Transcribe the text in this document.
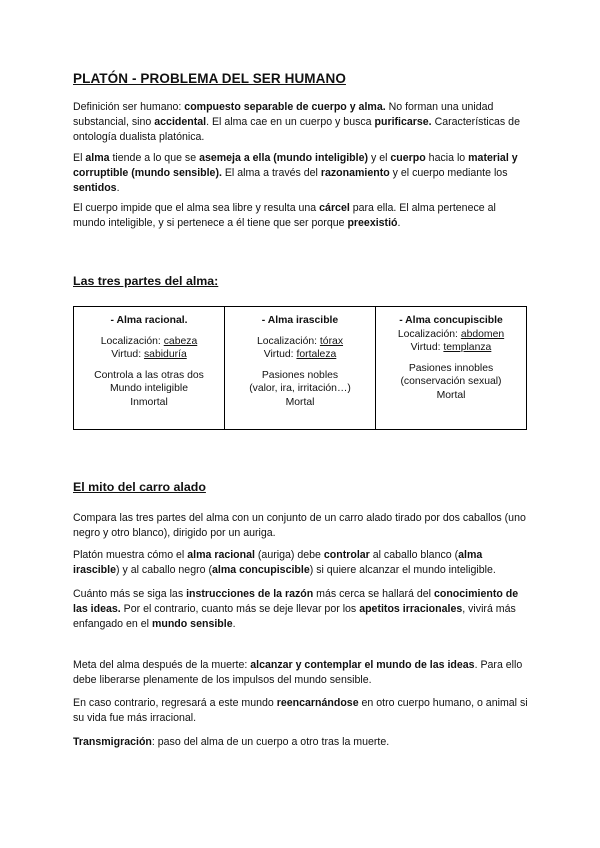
PLATÓN - PROBLEMA DEL SER HUMANO

Definición ser humano: compuesto separable de cuerpo y alma. No forman una unidad substancial, sino accidental. El alma cae en un cuerpo y busca purificarse. Características de ontología dualista platónica.

El alma tiende a lo que se asemeja a ella (mundo inteligible) y el cuerpo hacia lo material y corruptible (mundo sensible). El alma a través del razonamiento y el cuerpo mediante los sentidos.

El cuerpo impide que el alma sea libre y resulta una cárcel para ella. El alma pertenece al mundo inteligible, y si pertenece a él tiene que ser porque preexistió.

Las tres partes del alma:
- Alma racional.
Localización: cabeza
Virtud: sabiduría
Controla a las otras dos
Mundo inteligible
Inmortal

- Alma irascible
Localización: tórax
Virtud: fortaleza
Pasiones nobles
(valor, ira, irritación…)
Mortal

- Alma concupiscible
Localización: abdomen
Virtud: templanza
Pasiones innobles
(conservación sexual)
Mortal
El mito del carro alado

Compara las tres partes del alma con un conjunto de un carro alado tirado por dos caballos (uno negro y otro blanco), dirigido por un auriga.

Platón muestra cómo el alma racional (auriga) debe controlar al caballo blanco (alma irascible) y al caballo negro (alma concupiscible) si quiere alcanzar el mundo inteligible.

Cuánto más se siga las instrucciones de la razón más cerca se hallará del conocimiento de las ideas. Por el contrario, cuanto más se deje llevar por los apetitos irracionales, vivirá más enfangado en el mundo sensible.

Meta del alma después de la muerte: alcanzar y contemplar el mundo de las ideas. Para ello debe liberarse plenamente de los impulsos del mundo sensible.

En caso contrario, regresará a este mundo reencarnándose en otro cuerpo humano, o animal si su vida fue más irracional.

Transmigración: paso del alma de un cuerpo a otro tras la muerte.
